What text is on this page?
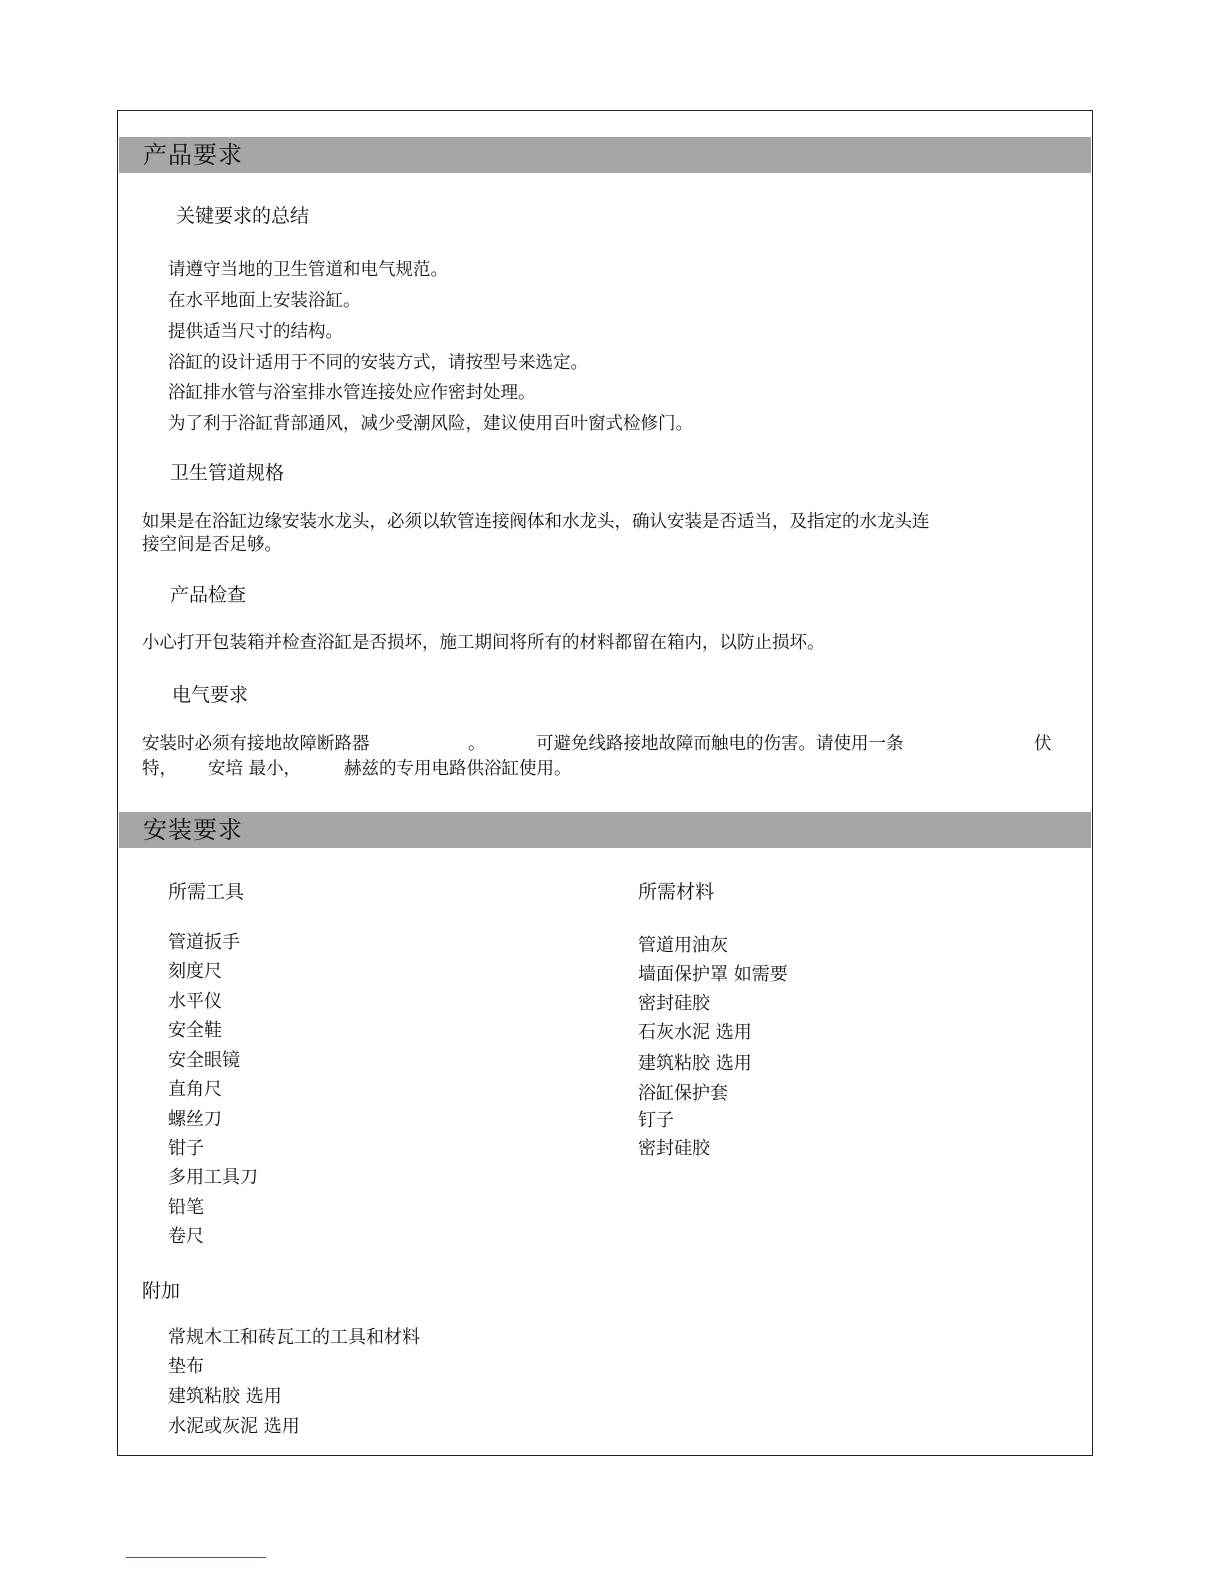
产品要求
关键要求的总结
请遵守当地的卫生管道和电气规范。
在水平地面上安装浴缸。
提供适当尺寸的结构。
浴缸的设计适用于不同的安装方式，请按型号来选定。
浴缸排水管与浴室排水管连接处应作密封处理。
为了利于浴缸背部通风，减少受潮风险，建议使用百叶窗式检修门。
卫生管道规格
如果是在浴缸边缘安装水龙头，必须以软管连接阀体和水龙头，确认安装是否适当，及指定的水龙头连
接空间是否足够。
产品检查
小心打开包装箱并检查浴缸是否损坏，施工期间将所有的材料都留在箱内，以防止损坏。
电气要求
安装时必须有接地故障断路器	。	可避免线路接地故障而触电的伤害。请使用一条	伏
特， 安培 最小， 赫兹的专用电路供浴缸使用。
安装要求
所需工具
管道扳手
刻度尺
水平仪
安全鞋
安全眼镜
直角尺
螺丝刀
钳子
多用工具刀
铅笔
卷尺
所需材料
管道用油灰
墙面保护罩 如需要
密封硅胶
石灰水泥 选用
建筑粘胶 选用
浴缸保护套
钉子
密封硅胶
附加
常规木工和砖瓦工的工具和材料
垫布
建筑粘胶 选用
水泥或灰泥 选用
